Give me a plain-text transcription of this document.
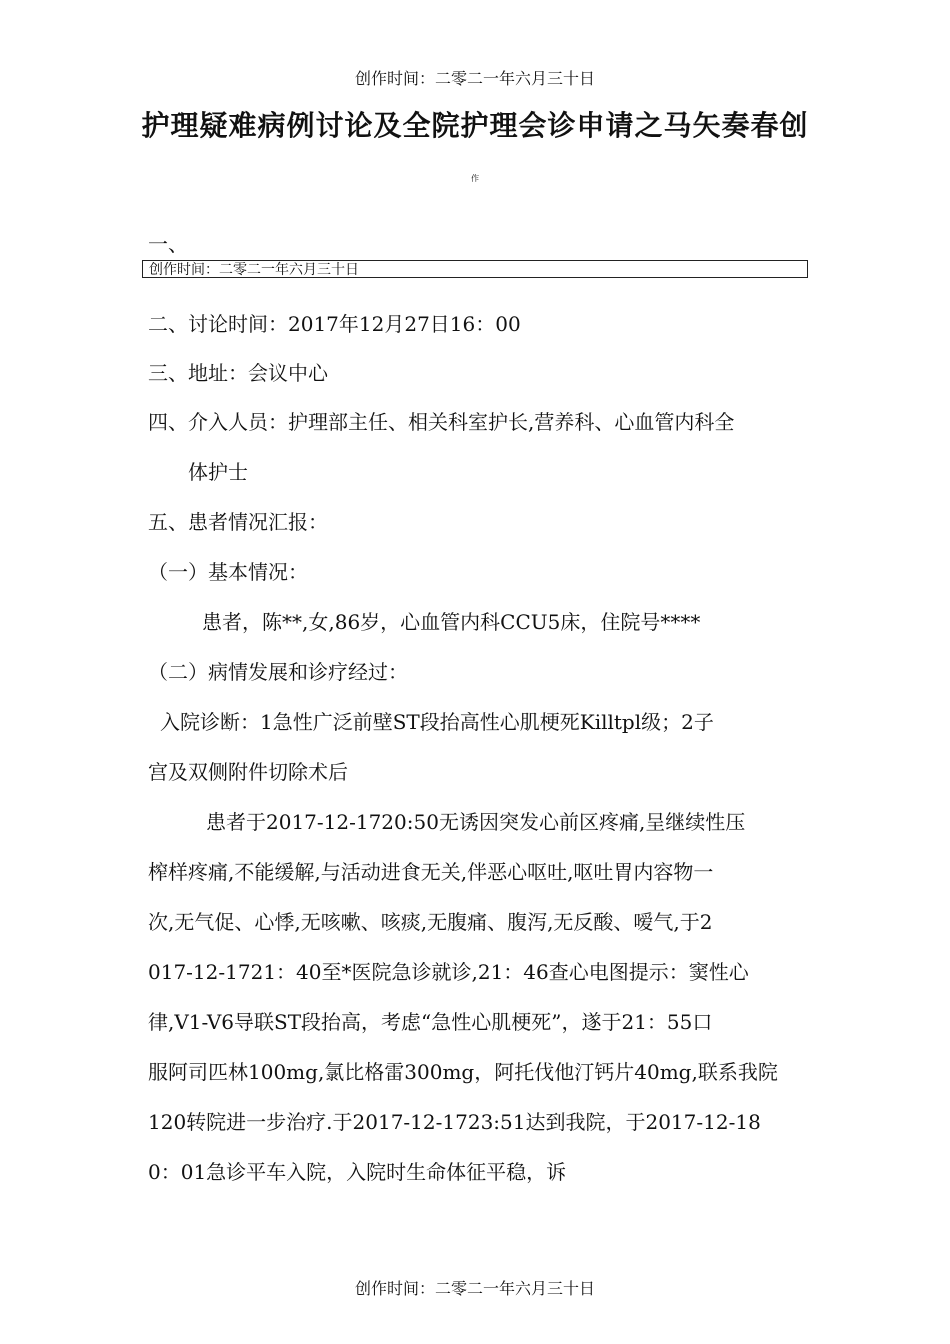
创作时间：二零二一年六月三十日
护理疑难病例讨论及全院护理会诊申请之马矢奏春创
作
一、
创作时间：二零二一年六月三十日
二、讨论时间：2017年12月27日16：00
三、地址：会议中心
四、介入人员：护理部主任、相关科室护长,营养科、心血管内科全
体护士
五、患者情况汇报：
（一）基本情况：
患者，陈**,女,86岁，心血管内科CCU5床，住院号****
（二）病情发展和诊疗经过：
入院诊断：1急性广泛前壁ST段抬高性心肌梗死Killtpl级；2子
宫及双侧附件切除术后
患者于2017-12-1720:50无诱因突发心前区疼痛,呈继续性压
榨样疼痛,不能缓解,与活动进食无关,伴恶心呕吐,呕吐胃内容物一
次,无气促、心悸,无咳嗽、咳痰,无腹痛、腹泻,无反酸、嗳气,于2
017-12-1721：40至*医院急诊就诊,21：46查心电图提示：窦性心
律,V1-V6导联ST段抬高，考虑“急性心肌梗死”，遂于21：55口
服阿司匹林100mg,氯比格雷300mg，阿托伐他汀钙片40mg,联系我院
120转院进一步治疗.于2017-12-1723:51达到我院，于2017-12-18
0：01急诊平车入院，入院时生命体征平稳，诉
创作时间：二零二一年六月三十日
